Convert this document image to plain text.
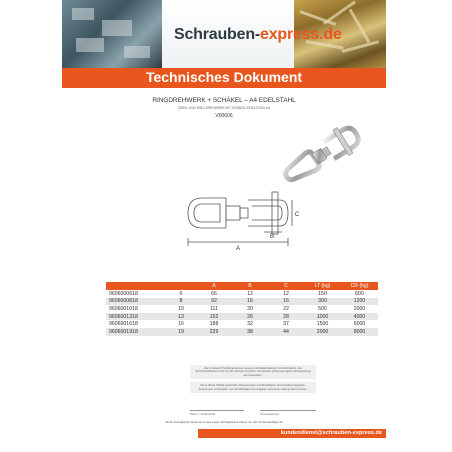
Schrauben-express.de
Technisches Dokument
RINGDREHWERK + SCHÄKEL – A4 EDELSTAHL
ÖSEN- UND RING-DREHWERK MIT SCHÄKEL EDELSTAHL A4
V00606
A
B
C
		A	B	C	LT (kg)	CR (kg)
9606000618	6	66	12	12	150	600
9606000818	8	92	16	16	300	1200
9606001018	10	111	20	22	500	2000
9606001318	13	152	26	28	1000	4000
9606001618	16	188	32	37	1500	6000
9606001918	19	229	38	44	2000	8000
Die in diesem Produkt genannten Lasten und Belastbarkeiten sind Richtwerte. Die Sicherheitsfaktoren sind vor dem Einsatz zu prüfen. Der Einsatz erfolgt auf eigene Verantwortung des Anwenders.
Die in dieser Tabelle genannten Abmessungen und Bruchlasten sind Annäherungswerte. Änderungen vorbehalten. Für die Richtigkeit der Angaben wird keine Haftung übernommen.
Datum / Unterschrift	Firmenstempel
Nicht vertragliches Dokument, das Lager-Verfügbarkeit hängt von der Kundenauflage ab
kundendienst@schrauben-express.de
